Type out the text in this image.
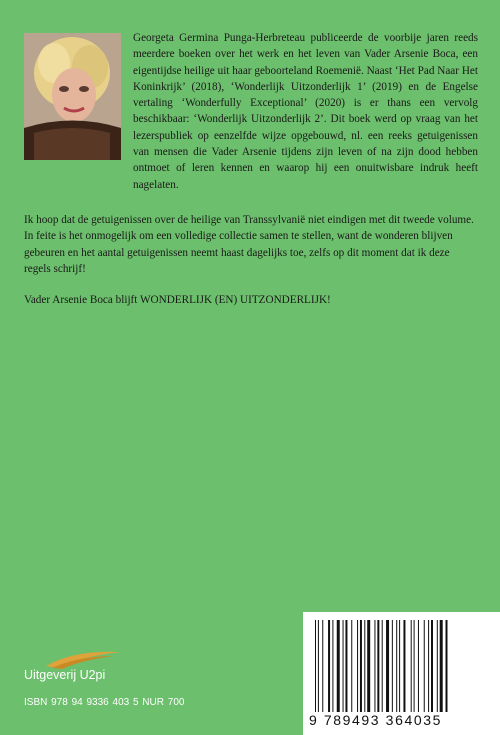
Georgeta Germina Punga-Herbreteau publiceerde de voorbije jaren reeds meerdere boeken over het werk en het leven van Vader Arsenie Boca, een eigentijdse heilige uit haar geboorteland Roemenië. Naast ‘Het Pad Naar Het Koninkrijk’ (2018), ‘Wonderlijk Uitzonderlijk 1’ (2019) en de Engelse vertaling ‘Wonderfully Exceptional’ (2020) is er thans een vervolg beschikbaar: ‘Wonderlijk Uitzonderlijk 2’. Dit boek werd op vraag van het lezerspubliek op eenzelfde wijze opgebouwd, nl. een reeks getuigenissen van mensen die Vader Arsenie tijdens zijn leven of na zijn dood hebben ontmoet of leren kennen en waarop hij een onuitwisbare indruk heeft nagelaten.

Ik hoop dat de getuigenissen over de heilige van Transsylvanië niet eindigen met dit tweede volume. In feite is het onmogelijk om een volledige collectie samen te stellen, want de wonderen blijven gebeuren en het aantal getuigenissen neemt haast dagelijks toe, zelfs op dit moment dat ik deze regels schrijf!

Vader Arsenie Boca blijft WONDERLIJK (EN) UITZONDERLIJK!

Uitgeverij U2pi
ISBN 978 94 9336 403 5 NUR 700
9 789493 364035
